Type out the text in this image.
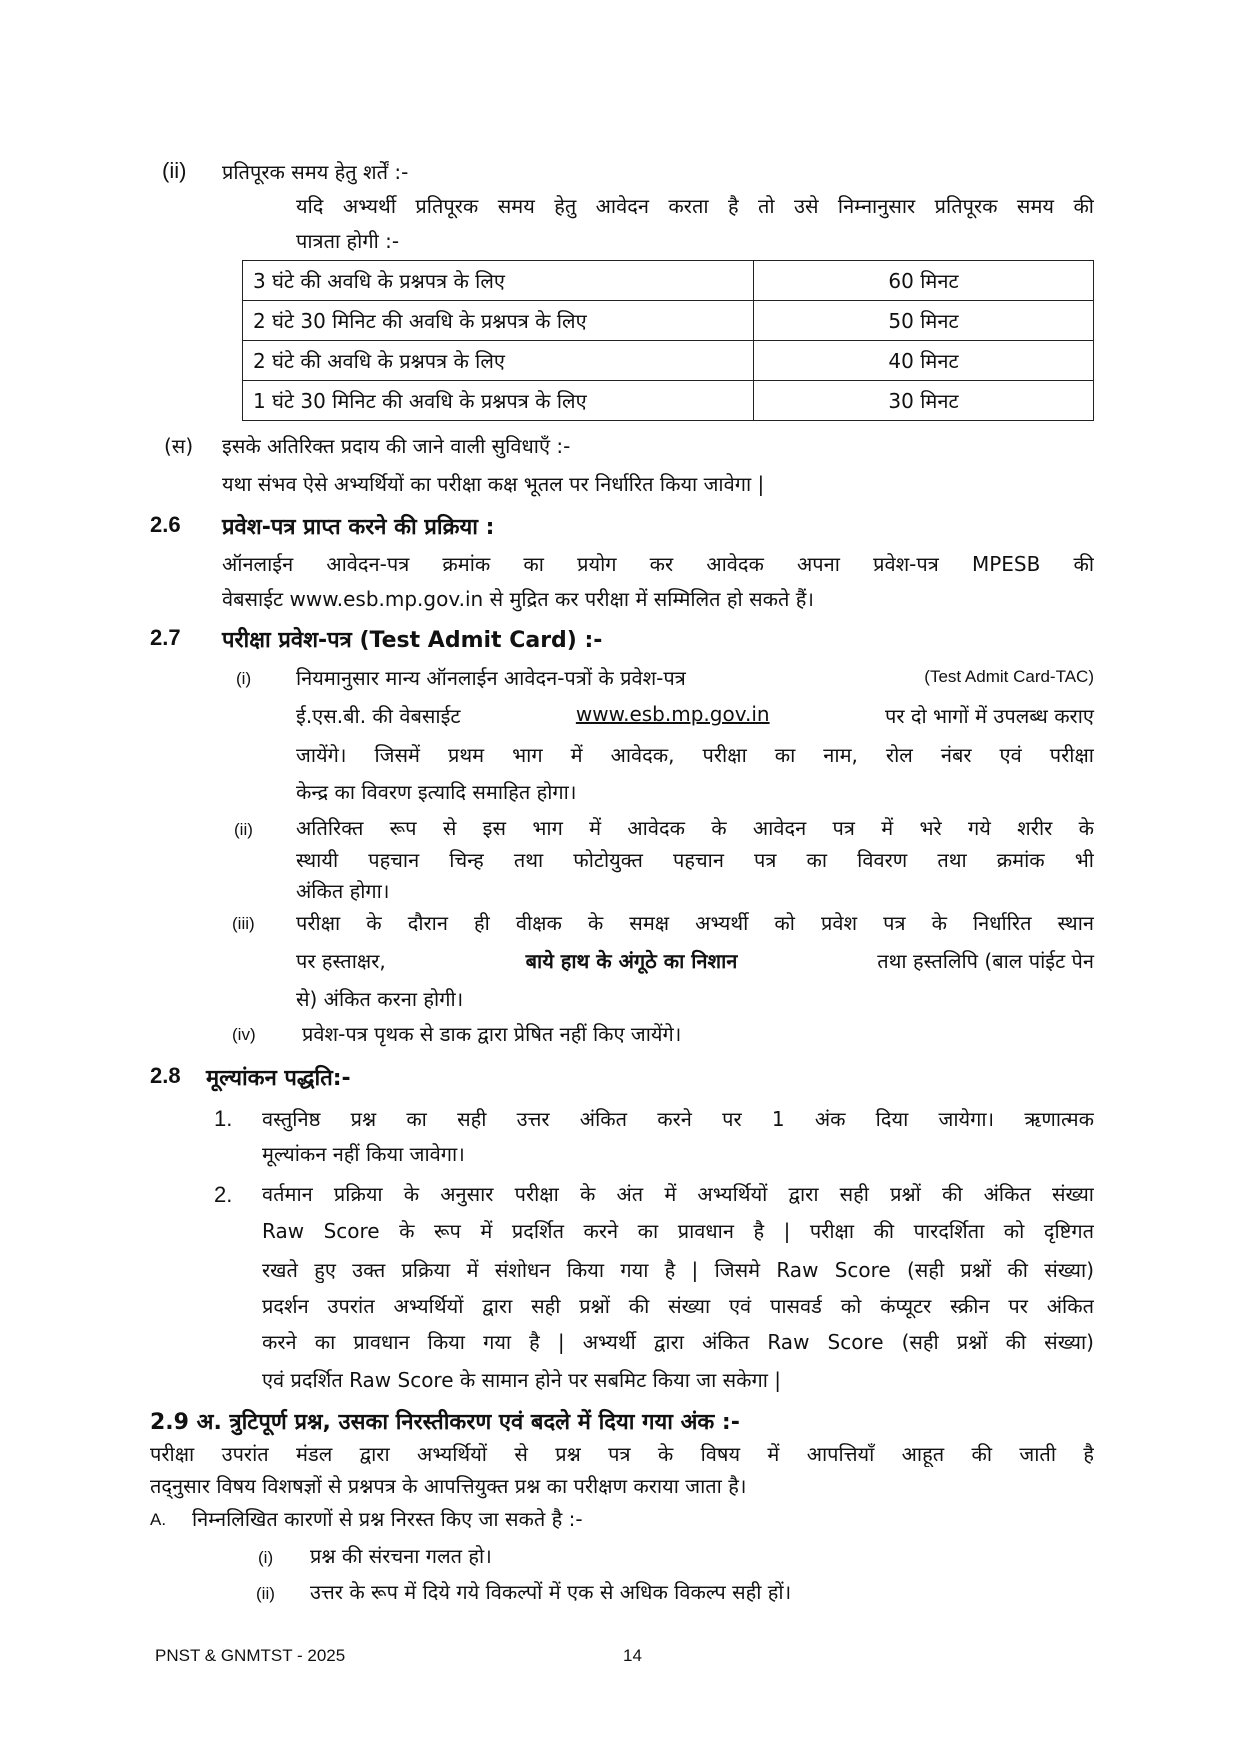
(ii) प्रतिपूरक समय हेतु शर्तें :-
यदि अभ्यर्थी प्रतिपूरक समय हेतु आवेदन करता है तो उसे निम्नानुसार प्रतिपूरक समय की
पात्रता होगी :-
3 घंटे की अवधि के प्रश्नपत्र के लिए	60 मिनट
2 घंटे 30 मिनिट की अवधि के प्रश्नपत्र के लिए	50 मिनट
2 घंटे की अवधि के प्रश्नपत्र के लिए	40 मिनट
1 घंटे 30 मिनिट की अवधि के प्रश्नपत्र के लिए	30 मिनट
(स) इसके अतिरिक्त प्रदाय की जाने वाली सुविधाएँ :-
यथा संभव ऐसे अभ्यर्थियों का परीक्षा कक्ष भूतल पर निर्धारित किया जावेगा |
2.6 प्रवेश-पत्र प्राप्त करने की प्रक्रिया :
ऑनलाईन आवेदन-पत्र क्रमांक का प्रयोग कर आवेदक अपना प्रवेश-पत्र MPESB की
वेबसाईट www.esb.mp.gov.in से मुद्रित कर परीक्षा में सम्मिलित हो सकते हैं।
2.7 परीक्षा प्रवेश-पत्र (Test Admit Card) :-
(i) नियमानुसार मान्य ऑनलाईन आवेदन-पत्रों के प्रवेश-पत्र	(Test Admit Card-TAC)
ई.एस.बी. की वेबसाईट	www.esb.mp.gov.in	पर दो भागों में उपलब्ध कराए
जायेंगे। जिसमें प्रथम भाग में आवेदक, परीक्षा का नाम, रोल नंबर एवं परीक्षा
केन्द्र का विवरण इत्यादि समाहित होगा।
(ii) अतिरिक्त रूप से इस भाग में आवेदक के आवेदन पत्र में भरे गये शरीर के
स्थायी पहचान चिन्ह तथा फोटोयुक्त पहचान पत्र का विवरण तथा क्रमांक भी
अंकित होगा।
(iii) परीक्षा के दौरान ही वीक्षक के समक्ष अभ्यर्थी को प्रवेश पत्र के निर्धारित स्थान
पर हस्ताक्षर,	बाये हाथ के अंगूठे का निशान	तथा हस्तलिपि (बाल पांईट पेन
से) अंकित करना होगी।
(iv) प्रवेश-पत्र पृथक से डाक द्वारा प्रेषित नहीं किए जायेंगे।
2.8 मूल्यांकन पद्धति:-
1. वस्तुनिष्ठ प्रश्न का सही उत्तर अंकित करने पर 1 अंक दिया जायेगा। ऋणात्मक
मूल्यांकन नहीं किया जावेगा।
2. वर्तमान प्रक्रिया के अनुसार परीक्षा के अंत में अभ्यर्थियों द्वारा सही प्रश्नों की अंकित संख्या
Raw Score के रूप में प्रदर्शित करने का प्रावधान है | परीक्षा की पारदर्शिता को दृष्टिगत
रखते हुए उक्त प्रक्रिया में संशोधन किया गया है | जिसमे Raw Score (सही प्रश्नों की संख्या)
प्रदर्शन उपरांत अभ्यर्थियों द्वारा सही प्रश्नों की संख्या एवं पासवर्ड को कंप्यूटर स्क्रीन पर अंकित
करने का प्रावधान किया गया है | अभ्यर्थी द्वारा अंकित Raw Score (सही प्रश्नों की संख्या)
एवं प्रदर्शित Raw Score के सामान होने पर सबमिट किया जा सकेगा |
2.9 अ. त्रुटिपूर्ण प्रश्न, उसका निरस्तीकरण एवं बदले में दिया गया अंक :-
परीक्षा उपरांत मंडल द्वारा अभ्यर्थियों से प्रश्न पत्र के विषय में आपत्तियाँ आहूत की जाती है
तद्नुसार विषय विशषज्ञों से प्रश्नपत्र के आपत्तियुक्त प्रश्न का परीक्षण कराया जाता है।
A. निम्नलिखित कारणों से प्रश्न निरस्त किए जा सकते है :-
(i) प्रश्न की संरचना गलत हो।
(ii) उत्तर के रूप में दिये गये विकल्पों में एक से अधिक विकल्प सही हों।
PNST & GNMTST - 2025	14
